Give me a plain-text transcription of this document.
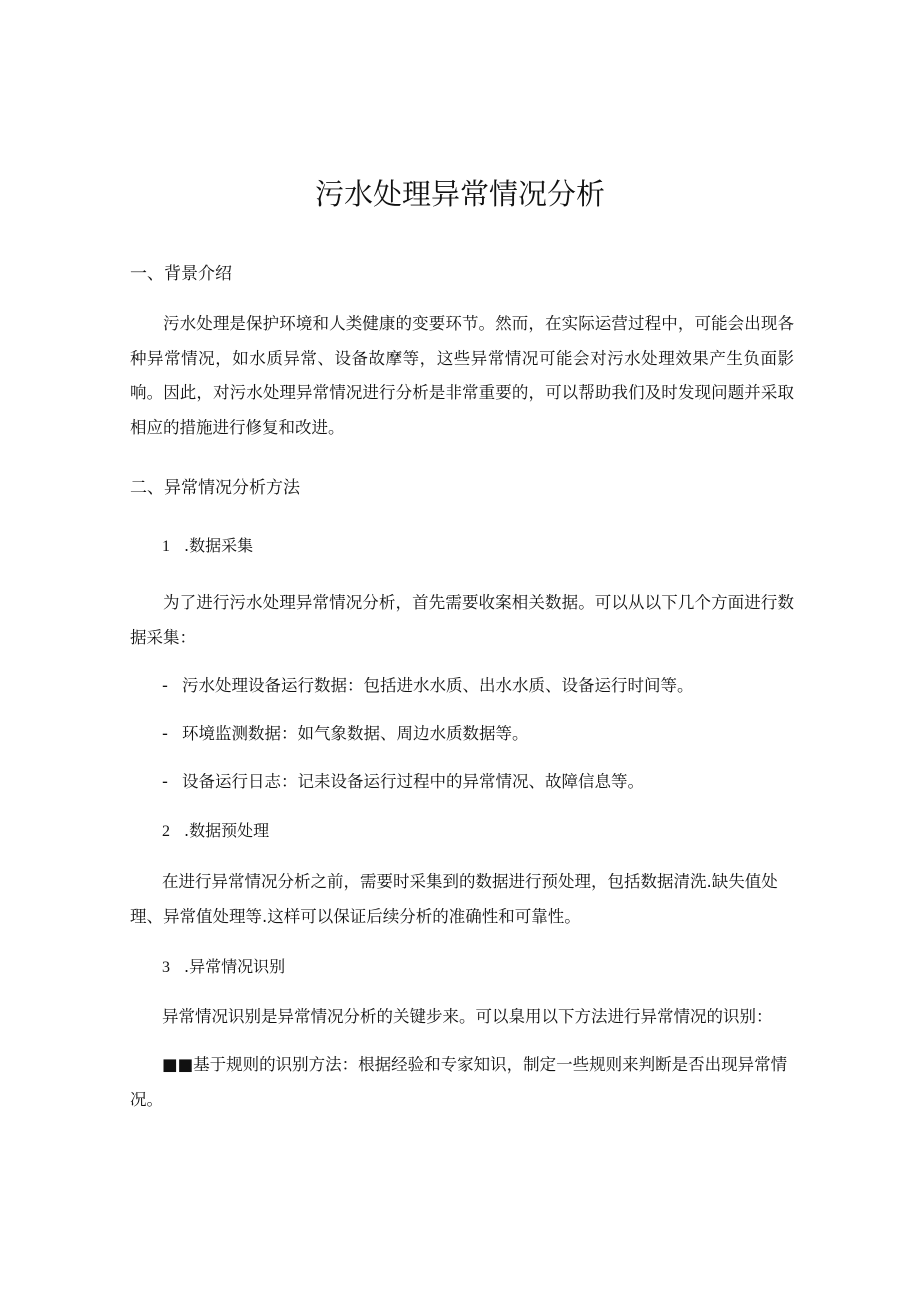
污水处理异常情况分析
一、背景介绍
污水处理是保护环境和人类健康的变要环节。然而，在实际运营过程中，可能会出现各种异常情况，如水质异常、设备故摩等，这些异常情况可能会对污水处理效果产生负面影响。因此，对污水处理异常情况进行分析是非常重要的，可以帮助我们及时发现问题并采取相应的措施进行修复和改进。
二、异常情况分析方法
1 .数据采集
为了进行污水处理异常情况分析，首先需要收案相关数据。可以从以下几个方面进行数据采集：
- 污水处理设备运行数据：包括进水水质、出水水质、设备运行时间等。
- 环境监测数据：如气象数据、周边水质数据等。
- 设备运行日志：记耒设备运行过程中的异常情况、故障信息等。
2 .数据预处理
在进行异常情况分析之前，需要时采集到的数据进行预处理，包括数据清洗.缺失值处
理、异常值处理等.这样可以保证后续分析的准确性和可靠性。
3 .异常情况识别
异常情况识别是异常情况分析的关键步来。可以臬用以下方法进行异常情况的识别：
■■基于规则的识别方法：根据经验和专家知识，制定一些规则来判断是否出现异常情
况。
